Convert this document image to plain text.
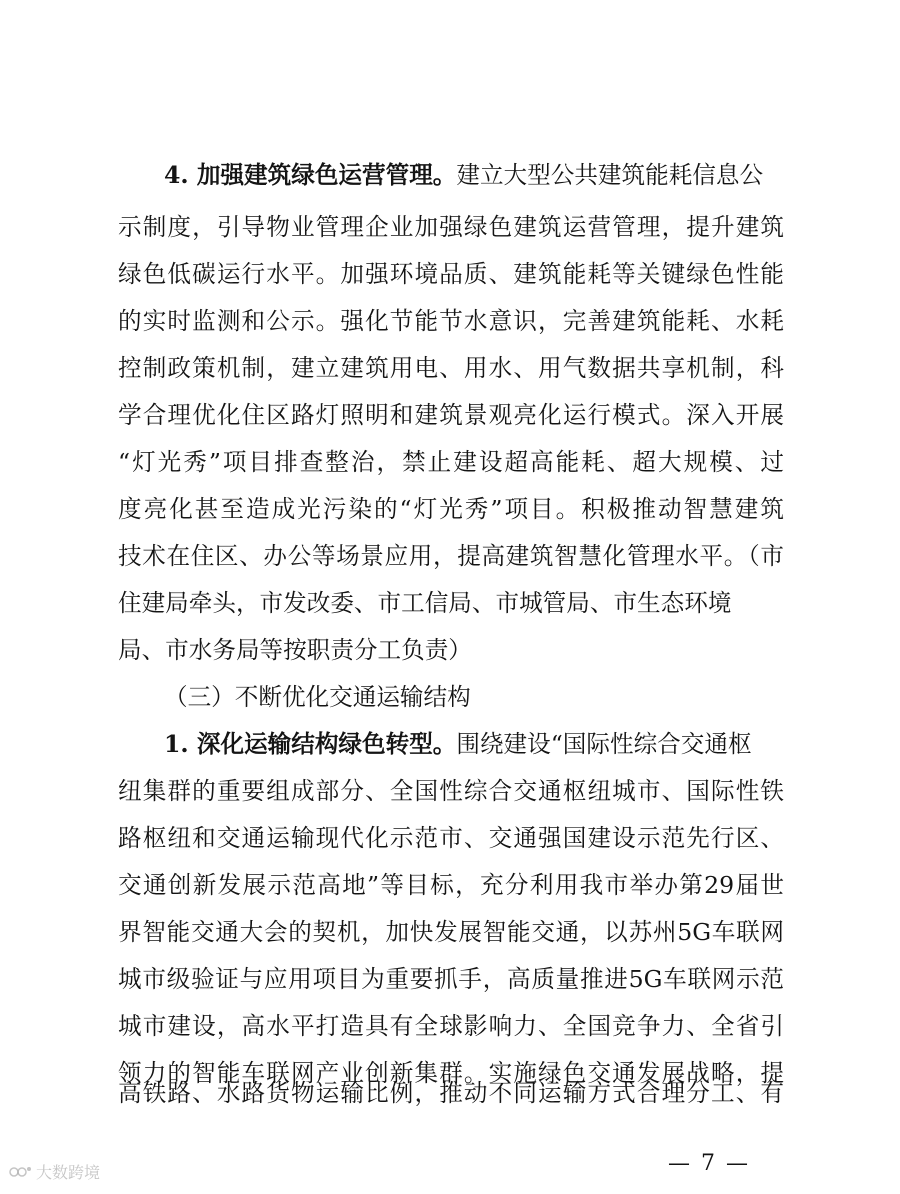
4. 加强建筑绿色运营管理。建立大型公共建筑能耗信息公
示制度，引导物业管理企业加强绿色建筑运营管理，提升建筑
绿色低碳运行水平。加强环境品质、建筑能耗等关键绿色性能
的实时监测和公示。强化节能节水意识，完善建筑能耗、水耗
控制政策机制，建立建筑用电、用水、用气数据共享机制，科
学合理优化住区路灯照明和建筑景观亮化运行模式。深入开展
“灯光秀”项目排查整治，禁止建设超高能耗、超大规模、过
度亮化甚至造成光污染的“灯光秀”项目。积极推动智慧建筑
技术在住区、办公等场景应用，提高建筑智慧化管理水平。（市
住建局牵头，市发改委、市工信局、市城管局、市生态环境
局、市水务局等按职责分工负责）
（三）不断优化交通运输结构
1. 深化运输结构绿色转型。围绕建设“国际性综合交通枢
纽集群的重要组成部分、全国性综合交通枢纽城市、国际性铁
路枢纽和交通运输现代化示范市、交通强国建设示范先行区、
交通创新发展示范高地”等目标，充分利用我市举办第29届世
界智能交通大会的契机，加快发展智能交通，以苏州5G车联网
城市级验证与应用项目为重要抓手，高质量推进5G车联网示范
城市建设，高水平打造具有全球影响力、全国竞争力、全省引
领力的智能车联网产业创新集群。实施绿色交通发展战略，提
高铁路、水路货物运输比例，推动不同运输方式合理分工、有
— 7 —
大数跨境
